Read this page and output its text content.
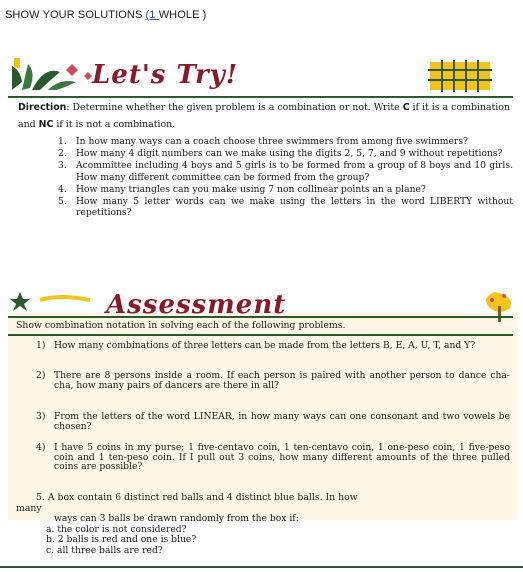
SHOW YOUR SOLUTIONS (1 WHOLE )
Let's Try!
Direction: Determine whether the given problem is a combination or not. Write C if it is a combination and NC if it is not a combination.
1. In how many ways can a coach choose three swimmers from among five swimmers?
2. How many 4 digit numbers can we make using the digits 2, 5, 7, and 9 without repetitions?
3. Acommittee including 4 boys and 5 girls is to be formed from a group of 8 boys and 10 girls. How many different committee can be formed from the group?
4. How many triangles can you make using 7 non collinear points an a plane?
5. How many 5 letter words can we make using the letters in the word LIBERTY without repetitions?
Assessment
Show combination notation in solving each of the following problems.
1) How many combinations of three letters can be made from the letters B, E, A, U, T, and Y?
2) There are 8 persons inside a room. If each person is paired with another person to dance cha- cha, how many pairs of dancers are there in all?
3) From the letters of the word LINEAR, in how many ways can one consonant and two vowels be chosen?
4) I have 5 coins in my purse; 1 five-centavo coin, 1 ten-centavo coin, 1 one-peso coin, 1 five-peso coin and 1 ten-peso coin. If I pull out 3 coins, how many different amounts of the three pulled coins are possible?
5. A box contain 6 distinct red balls and 4 distinct blue balls. In how
many
ways can 3 balls be drawn randomly from the box if:
a. the color is not considered?
b. 2 balls is red and one is blue?
c. all three balls are red?
